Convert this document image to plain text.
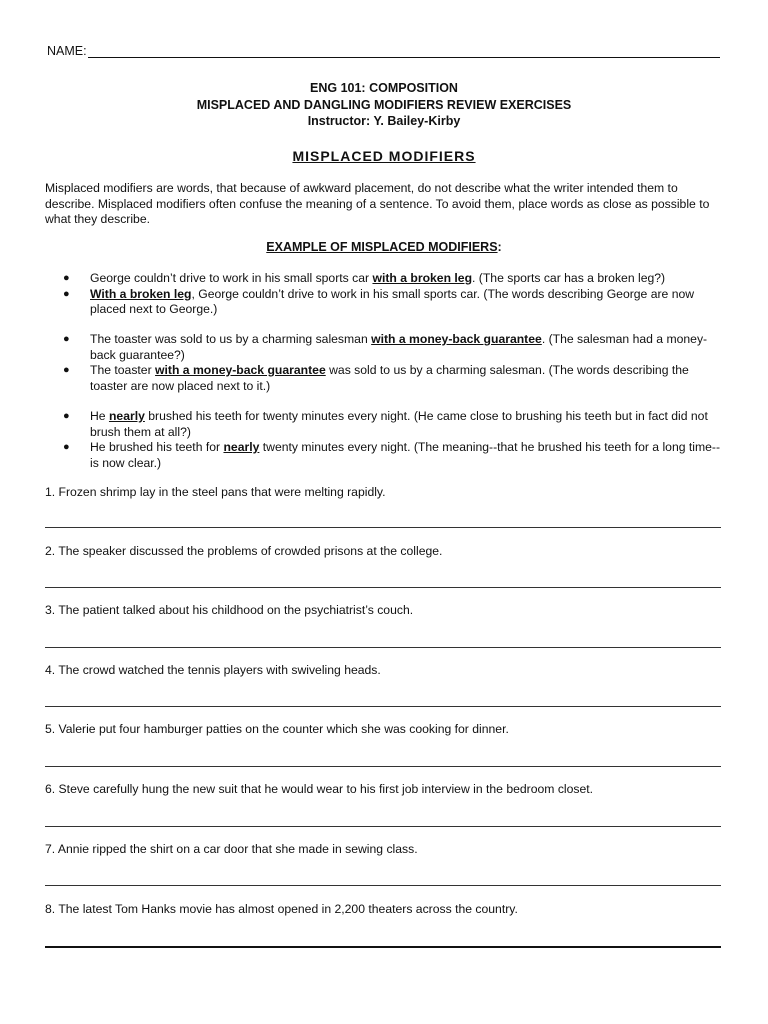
NAME:
ENG 101: COMPOSITION
MISPLACED AND DANGLING MODIFIERS REVIEW EXERCISES
Instructor: Y. Bailey-Kirby
MISPLACED MODIFIERS
Misplaced modifiers are words, that because of awkward placement, do not describe what the writer intended them to describe. Misplaced modifiers often confuse the meaning of a sentence. To avoid them, place words as close as possible to what they describe.
EXAMPLE OF MISPLACED MODIFIERS:
●	George couldn’t drive to work in his small sports car with a broken leg. (The sports car has a broken leg?)
●	With a broken leg, George couldn’t drive to work in his small sports car. (The words describing George are now placed next to George.)
●	The toaster was sold to us by a charming salesman with a money-back guarantee. (The salesman had a money-back guarantee?)
●	The toaster with a money-back guarantee was sold to us by a charming salesman. (The words describing the toaster are now placed next to it.)
●	He nearly brushed his teeth for twenty minutes every night. (He came close to brushing his teeth but in fact did not brush them at all?)
●	He brushed his teeth for nearly twenty minutes every night. (The meaning--that he brushed his teeth for a long time--is now clear.)
1. Frozen shrimp lay in the steel pans that were melting rapidly.
2. The speaker discussed the problems of crowded prisons at the college.
3. The patient talked about his childhood on the psychiatrist’s couch.
4. The crowd watched the tennis players with swiveling heads.
5. Valerie put four hamburger patties on the counter which she was cooking for dinner.
6. Steve carefully hung the new suit that he would wear to his first job interview in the bedroom closet.
7. Annie ripped the shirt on a car door that she made in sewing class.
8. The latest Tom Hanks movie has almost opened in 2,200 theaters across the country.
